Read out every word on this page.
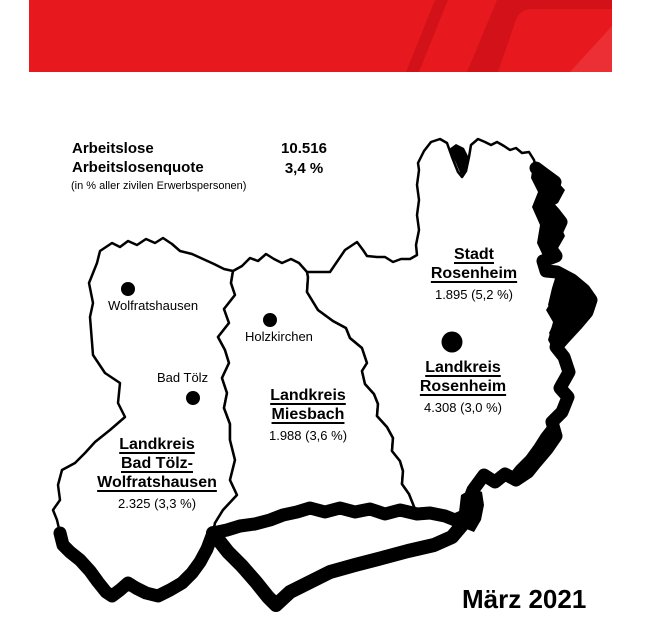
Arbeitslose	10.516
Arbeitslosenquote	3,4 %
(in % aller zivilen Erwerbspersonen)
Stadt
Rosenheim
1.895 (5,2 %)
Landkreis
Rosenheim
4.308 (3,0 %)
Landkreis
Miesbach
1.988 (3,6 %)
Landkreis
Bad Tölz-
Wolfratshausen
2.325 (3,3 %)
Wolfratshausen
Holzkirchen
Bad Tölz
März 2021
